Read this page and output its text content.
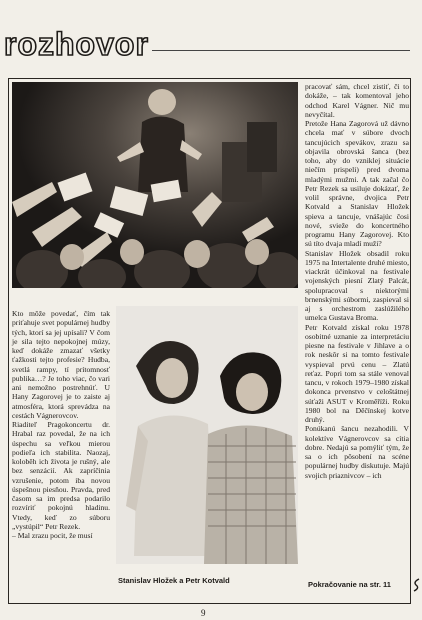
rozhovor

Kto môže povedať, čím tak priťahuje svet populárnej hudby tých, ktorí sa jej upísali? V čom je sila tejto nepokojnej múzy, keď dokáže zmazať všetky ťažkosti tejto profesie? Hudba, svetlá rampy, tí prítomnosť publika…? Je toho viac, čo vari ani nemožno postrehnúť. U Hany Zagorovej je to zaiste aj atmosféra, ktorá sprevádza na cestách Vágnerovcov.

Riaditeľ Pragokoncertu dr. Hrabal raz povedal, že na ich úspechu sa veľkou mierou podieľa ich stabilita. Naozaj, koloběh ich života je rušný, ale bez senzácií. Ak zapríčinia vzrušenie, potom iba novou úspešnou piesňou. Pravda, pred časom sa im predsa podarilo rozvíriť pokojnú hladinu. Vtedy, keď zo súboru „vystúpil“ Petr Rezek.

– Mal zrazu pocit, že musí

pracovať sám, chcel zistiť, či to dokáže, – tak komentoval jeho odchod Karel Vágner. Nič mu nevyčítal.

Pretože Hana Zagorová už dávno chcela mať v súbore dvoch tancujúcich spevákov, zrazu sa objavila obrovská šanca (bez toho, aby do vzniklej situácie niečím prispeli) pred dvoma mladými mužmi. A tak začal čo Petr Rezek sa usiluje dokázať, že volil správne, dvojica Petr Kotvald a Stanislav Hložek spieva a tancuje, vnášajúc čosi nové, svieže do koncertného programu Hany Zagorovej. Kto sú títo dvaja mladí muži?

Stanislav Hložek obsadil roku 1975 na Intertalente druhé miesto, viackrát účinkoval na festivale vojenských piesní Zlatý Palcát, spolupracoval s niektorými brnenskými súbormi, zaspieval si aj s orchestrom zaslúžilého umelca Gustava Broma.

Petr Kotvald získal roku 1978 osobitné uznanie za interpretáciu piesne na festivale v Jihlave a o rok neskôr si na tomto festivale vyspieval prvú cenu – Zlatú reťaz. Popri tom sa stále venoval tancu, v rokoch 1979–1980 získal dokonca prvenstvo v celoštátnej súťaži ASUT v Kroměříži. Roku 1980 bol na Děčínskej kotve druhý.

Ponúkanú šancu nezahodili. V kolektíve Vágnerovcov sa cítia dobre. Nedajú sa pomýliť tým, že sa o ich pôsobení na scéne populárnej hudby diskutuje. Majú svojich priaznivcov – ich

Stanislav Hložek a Petr Kotvald	Pokračovanie na str. 11
9
